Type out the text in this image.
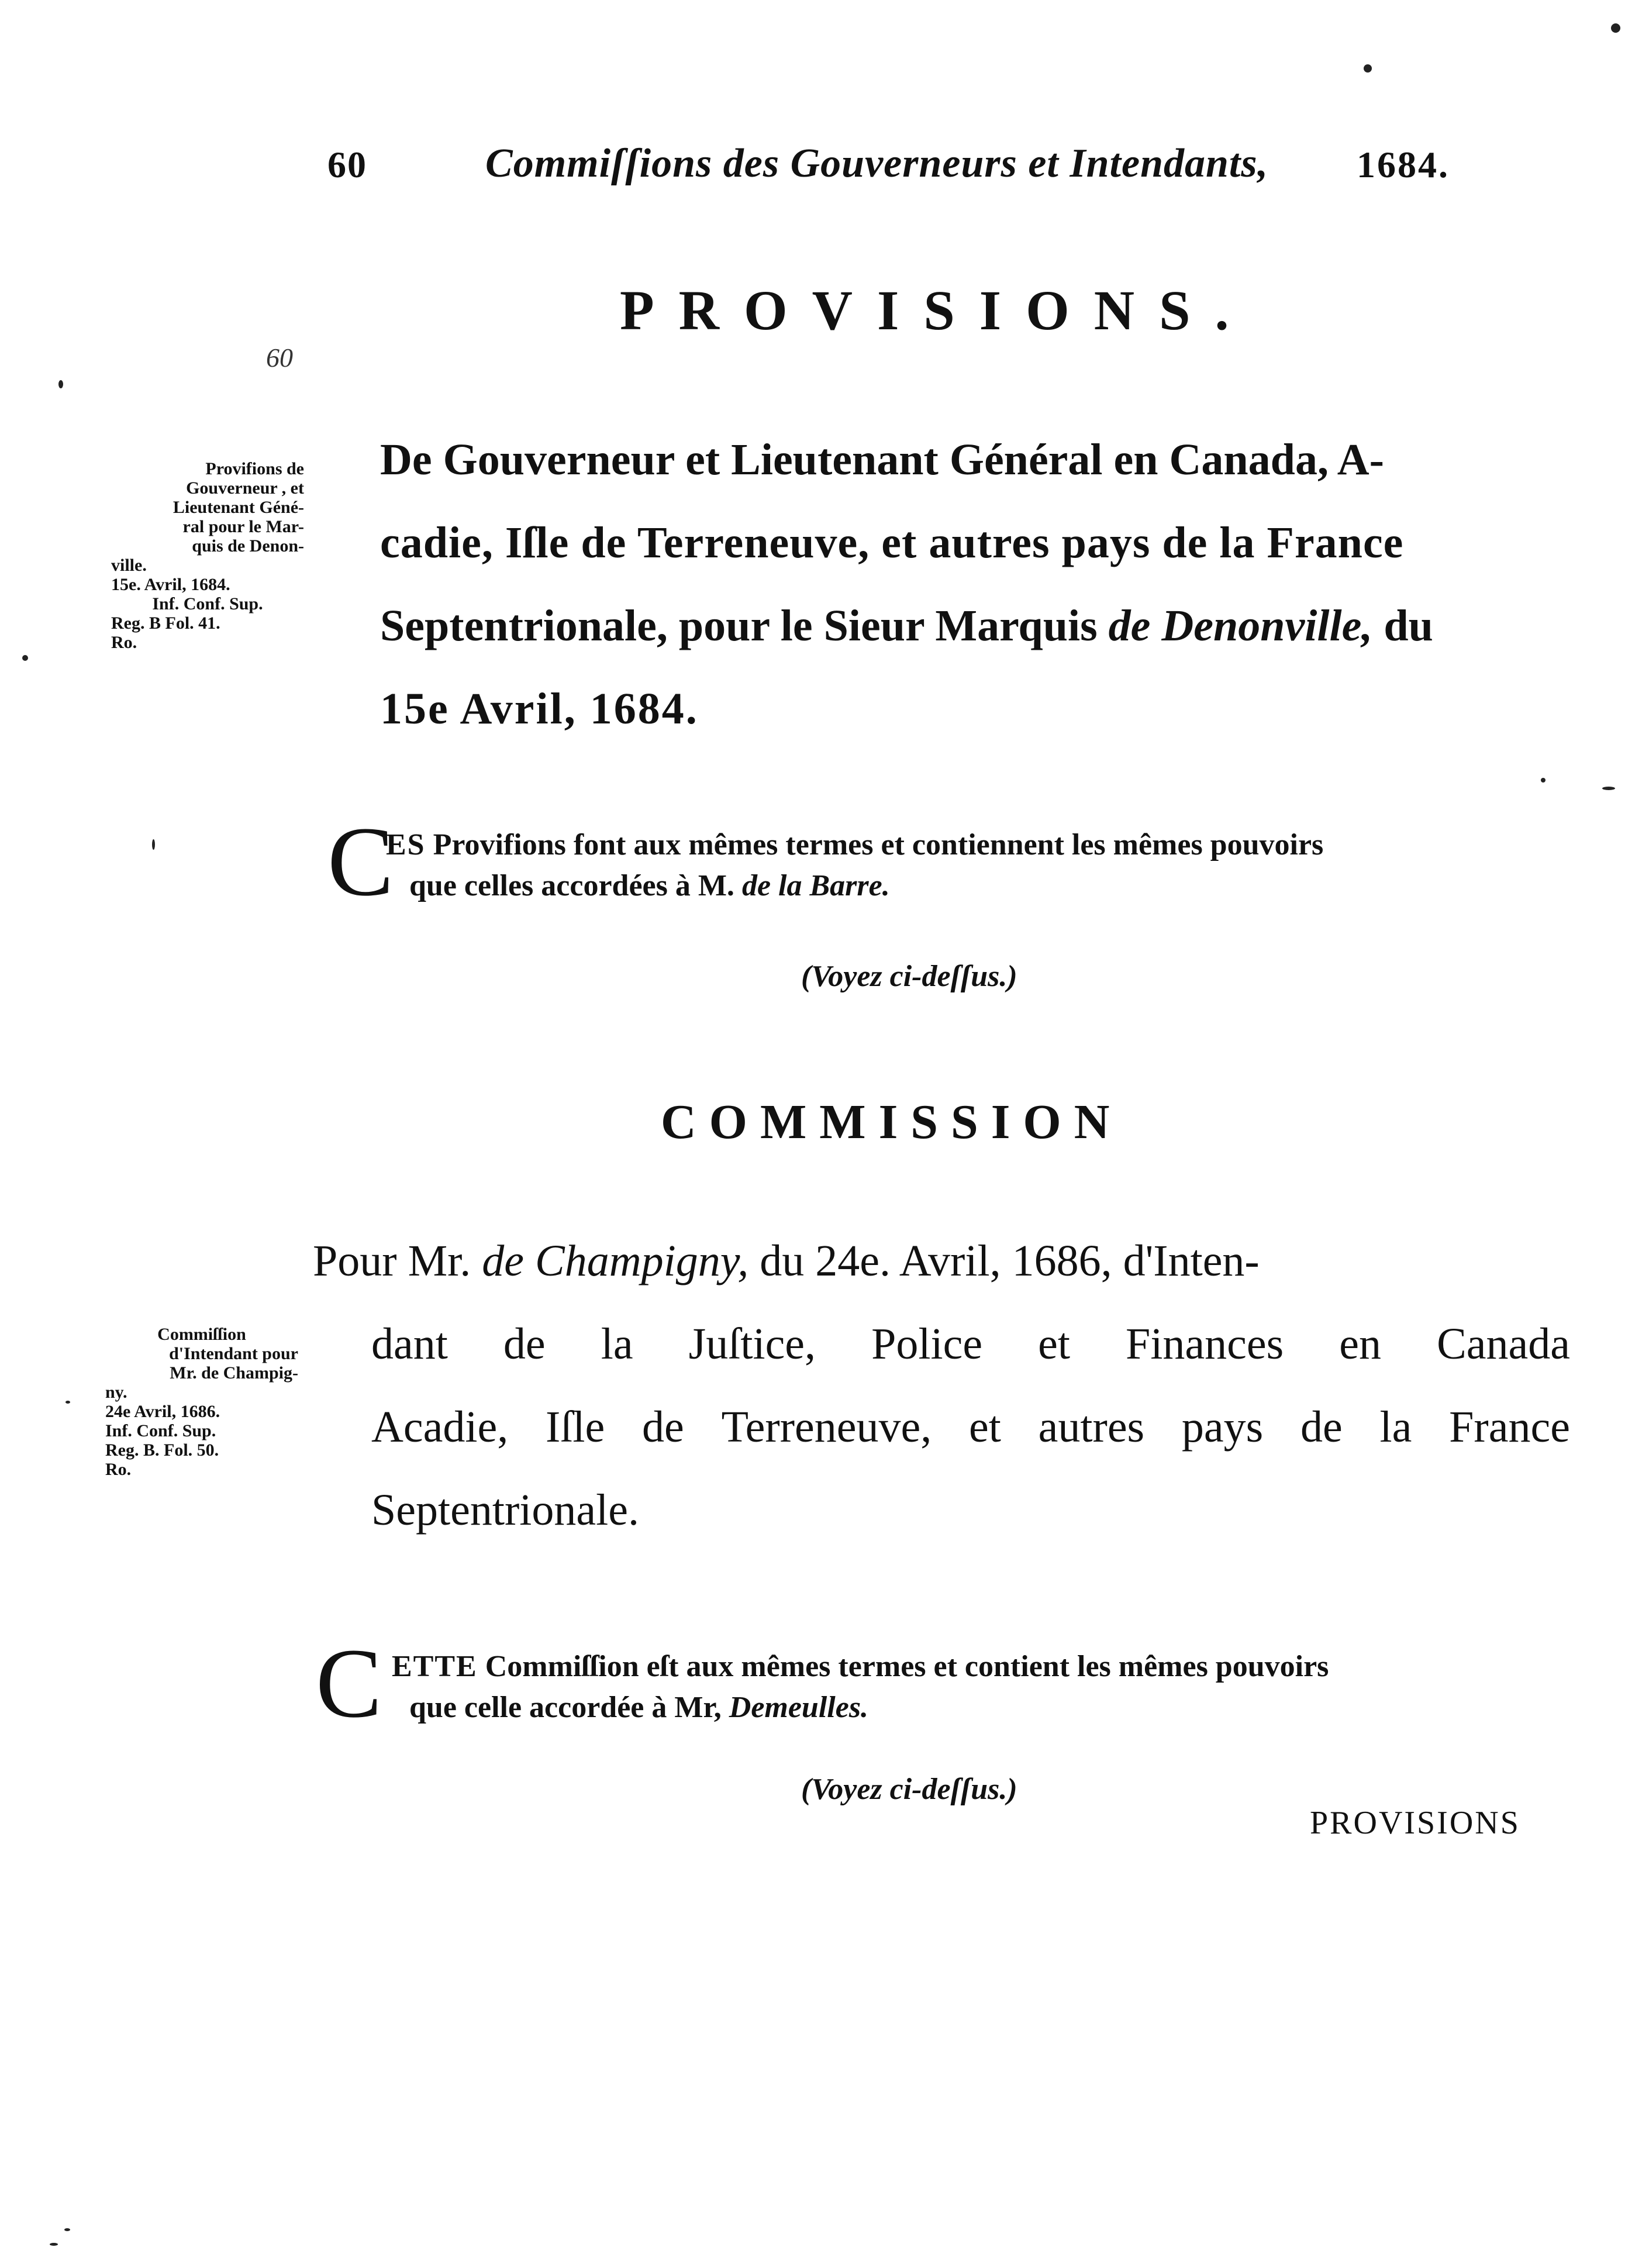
60	Commiſſions des Gouverneurs et Intendants, 1684.
60
PROVISIONS.
De Gouverneur et Lieutenant Général en Canada, A-
cadie, Iſle de Terreneuve, et autres pays de la France
Septentrionale, pour le Sieur Marquis de Denonville, du
15e Avril, 1684.
Provifions de
Gouverneur , et
Lieutenant Géné-
ral pour le Mar-
quis de Denon-
ville.
15e. Avril, 1684.
Inf. Conf. Sup.
Reg. B Fol. 41.
Ro.
C
ES Provifions font aux mêmes termes et contiennent les mêmes pouvoirs
que celles accordées à M. de la Barre.
(Voyez ci-deſſus.)
COMMISSION
Pour Mr. de Champigny, du 24e. Avril, 1686, d'Inten-
dant de la Juſtice, Police et Finances en Canada
Acadie, Iſle de Terreneuve, et autres pays de la France
Septentrionale.
Commiſſion
d'Intendant pour
Mr. de Champig-
ny.
24e Avril, 1686.
Inf. Conf. Sup.
Reg. B. Fol. 50.
Ro.
C ETTE Commiſſion eſt aux mêmes termes et contient les mêmes pouvoirs
que celle accordée à Mr, Demeulles.
(Voyez ci-deſſus.)
PROVISIONS
